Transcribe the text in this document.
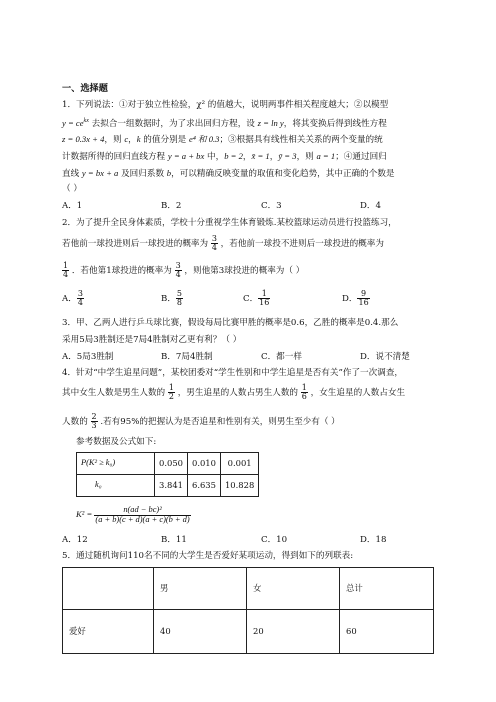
一、选择题
1．下列说法：①对于独立性检验，χ² 的值越大，说明两事件相关程度越大；②以模型
$y = ce^{kx}$ 去拟合一组数据时，为了求出回归方程，设 z = ln y，将其变换后得到线性方程
z = 0.3x + 4，则 c，k 的值分别是 e⁴ 和 0.3；③根据具有线性相关关系的两个变量的统
计数据所得的回归直线方程 y = a + bx 中，b = 2，x̄ = 1，ȳ = 3，则 a = 1；④通过回归
直线 y = bx + a 及回归系数 b，可以精确反映变量的取值和变化趋势，其中正确的个数是
（ ）
A．1	B．2	C．3	D．4
2．为了提升全民身体素质，学校十分重视学生体育锻炼.某校篮球运动员进行投篮练习，
若他前一球投进则后一球投进的概率为 $\frac{3}{4}$ ，若他前一球投不进则后一球投进的概率为
$\frac{1}{4}$ ．若他第1球投进的概率为 $\frac{3}{4}$ ，则他第3球投进的概率为（ ）
A． $\frac{3}{4}$	B． $\frac{5}{8}$	C． $\frac{1}{16}$	D． $\frac{9}{16}$
3．甲、乙两人进行乒乓球比赛，假设每局比赛甲胜的概率是0.6，乙胜的概率是0.4.那么
采用5局3胜制还是7局4胜制对乙更有利？（ ）
A．5局3胜制	B．7局4胜制	C．都一样	D．说不清楚
4．针对“中学生追星问题”，某校团委对“学生性别和中学生追星是否有关”作了一次调查，
其中女生人数是男生人数的 $\frac{1}{2}$ ，男生追星的人数占男生人数的 $\frac{1}{6}$ ，女生追星的人数占女生
人数的 $\frac{2}{3}$ .若有95%的把握认为是否追星和性别有关，则男生至少有（ ）
参考数据及公式如下:
P(K² ≥ k₀)	0.050	0.010	0.001
k₀	3.841	6.635	10.828
$K^2 = \frac{\text{n(ad − bc)²}}{(a + b)(c + d)(a + c)(b + d)}$
A．12	B．11	C．10	D．18
5．通过随机询问110名不同的大学生是否爱好某项运动，得到如下的列联表:
	男	女	总计
爱好	40	20	60
